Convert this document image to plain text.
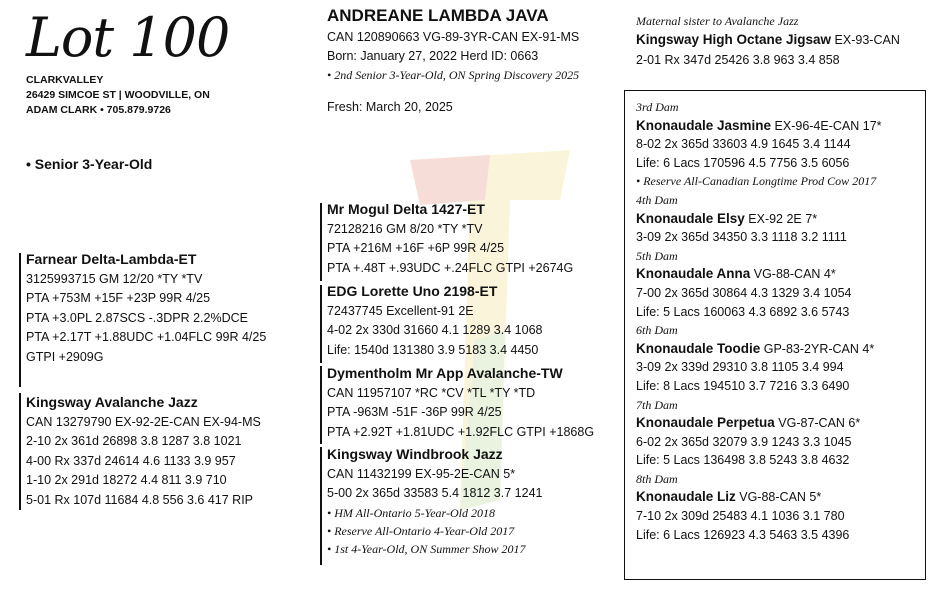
Lot 100
CLARKVALLEY
26429 SIMCOE ST | WOODVILLE, ON
ADAM CLARK • 705.879.9726
• Senior 3-Year-Old
ANDREANE LAMBDA JAVA
CAN 120890663 VG-89-3YR-CAN EX-91-MS
Born: January 27, 2022 Herd ID: 0663
• 2nd Senior 3-Year-Old, ON Spring Discovery 2025
Fresh: March 20, 2025
Farnear Delta-Lambda-ET
3125993715 GM 12/20 *TY *TV
PTA +753M +15F +23P 99R 4/25
PTA +3.0PL 2.87SCS -.3DPR 2.2%DCE
PTA +2.17T +1.88UDC +1.04FLC 99R 4/25
GTPI +2909G
Kingsway Avalanche Jazz
CAN 13279790 EX-92-2E-CAN EX-94-MS
2-10 2x 361d 26898 3.8 1287 3.8 1021
4-00 Rx 337d 24614 4.6 1133 3.9 957
1-10 2x 291d 18272 4.4 811 3.9 710
5-01 Rx 107d 11684 4.8 556 3.6 417 RIP
Mr Mogul Delta 1427-ET
72128216 GM 8/20 *TY *TV
PTA +216M +16F +6P 99R 4/25
PTA +.48T +.93UDC +.24FLC GTPI +2674G
EDG Lorette Uno 2198-ET
72437745 Excellent-91 2E
4-02 2x 330d 31660 4.1 1289 3.4 1068
Life: 1540d 131380 3.9 5183 3.4 4450
Dymentholm Mr App Avalanche-TW
CAN 11957107 *RC *CV *TL *TY *TD
PTA -963M -51F -36P 99R 4/25
PTA +2.92T +1.81UDC +1.92FLC GTPI +1868G
Kingsway Windbrook Jazz
CAN 11432199 EX-95-2E-CAN 5*
5-00 2x 365d 33583 5.4 1812 3.7 1241
• HM All-Ontario 5-Year-Old 2018
• Reserve All-Ontario 4-Year-Old 2017
• 1st 4-Year-Old, ON Summer Show 2017
Maternal sister to Avalanche Jazz
Kingsway High Octane Jigsaw EX-93-CAN
2-01 Rx 347d 25426 3.8 963 3.4 858
3rd Dam
Knonaudale Jasmine EX-96-4E-CAN 17*
8-02 2x 365d 33603 4.9 1645 3.4 1144
Life: 6 Lacs 170596 4.5 7756 3.5 6056
• Reserve All-Canadian Longtime Prod Cow 2017
4th Dam
Knonaudale Elsy EX-92 2E 7*
3-09 2x 365d 34350 3.3 1118 3.2 1111
5th Dam
Knonaudale Anna VG-88-CAN 4*
7-00 2x 365d 30864 4.3 1329 3.4 1054
Life: 5 Lacs 160063 4.3 6892 3.6 5743
6th Dam
Knonaudale Toodie GP-83-2YR-CAN 4*
3-09 2x 339d 29310 3.8 1105 3.4 994
Life: 8 Lacs 194510 3.7 7216 3.3 6490
7th Dam
Knonaudale Perpetua VG-87-CAN 6*
6-02 2x 365d 32079 3.9 1243 3.3 1045
Life: 5 Lacs 136498 3.8 5243 3.8 4632
8th Dam
Knonaudale Liz VG-88-CAN 5*
7-10 2x 309d 25483 4.1 1036 3.1 780
Life: 6 Lacs 126923 4.3 5463 3.5 4396
